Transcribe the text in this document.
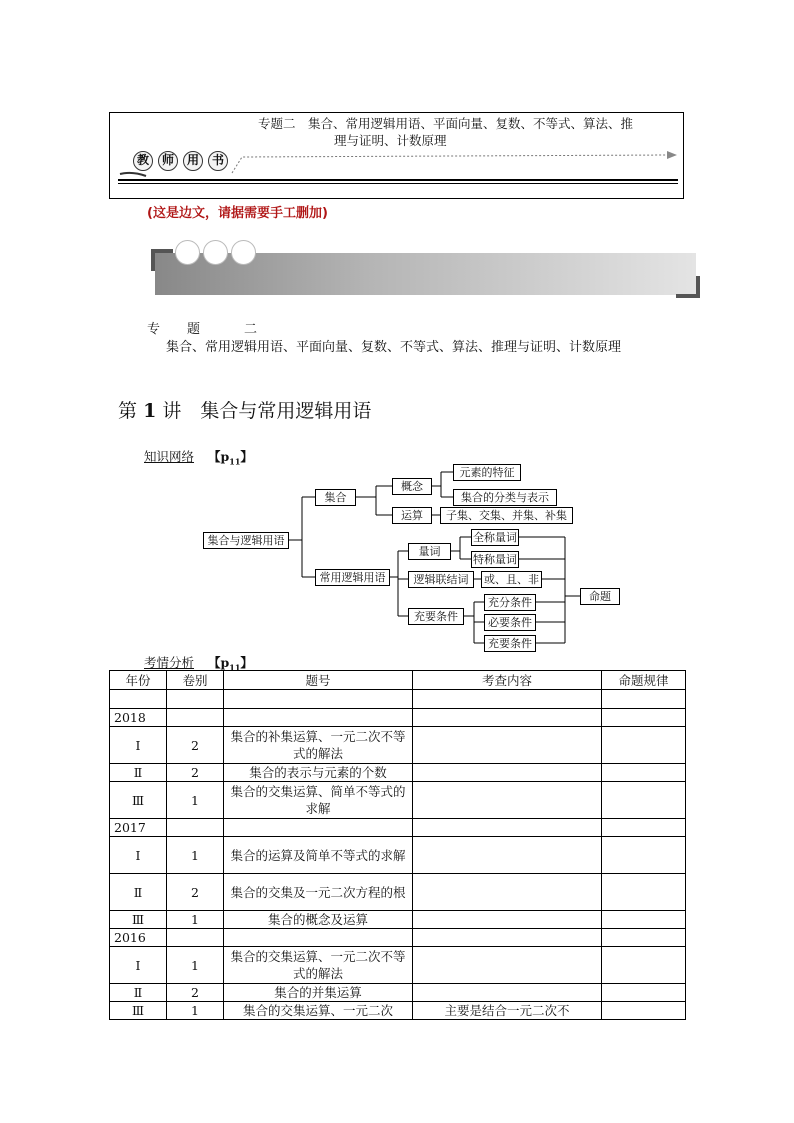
专题二　集合、常用逻辑用语、平面向量、复数、不等式、算法、推
理与证明、计数原理
教	师	用	书
(这是边文，请据需要手工删加)
专 题	二
集合、常用逻辑用语、平面向量、复数、不等式、算法、推理与证明、计数原理
第 1 讲　集合与常用逻辑用语
知识网络 【$p_{11}$】
集合与逻辑用语
集合
概念
元素的特征
集合的分类与表示
运算	子集、交集、并集、补集
常用逻辑用语
量词
全称量词
特称量词
逻辑联结词	或、且、非
充要条件
充分条件
必要条件
充要条件
命题
考情分析 【$p_{11}$】
年份	卷别	题号	考查内容	命题规律

2018				
Ⅰ	2	集合的补集运算、一元二次不等式的解法		
Ⅱ	2	集合的表示与元素的个数		
Ⅲ	1	集合的交集运算、简单不等式的求解		
2017				
Ⅰ	1	集合的运算及简单不等式的求解		
Ⅱ	2	集合的交集及一元二次方程的根		
Ⅲ	1	集合的概念及运算		
2016				
Ⅰ	1	集合的交集运算、一元二次不等式的解法		
Ⅱ	2	集合的并集运算		
Ⅲ	1	集合的交集运算、一元二次	主要是结合一元二次不	
